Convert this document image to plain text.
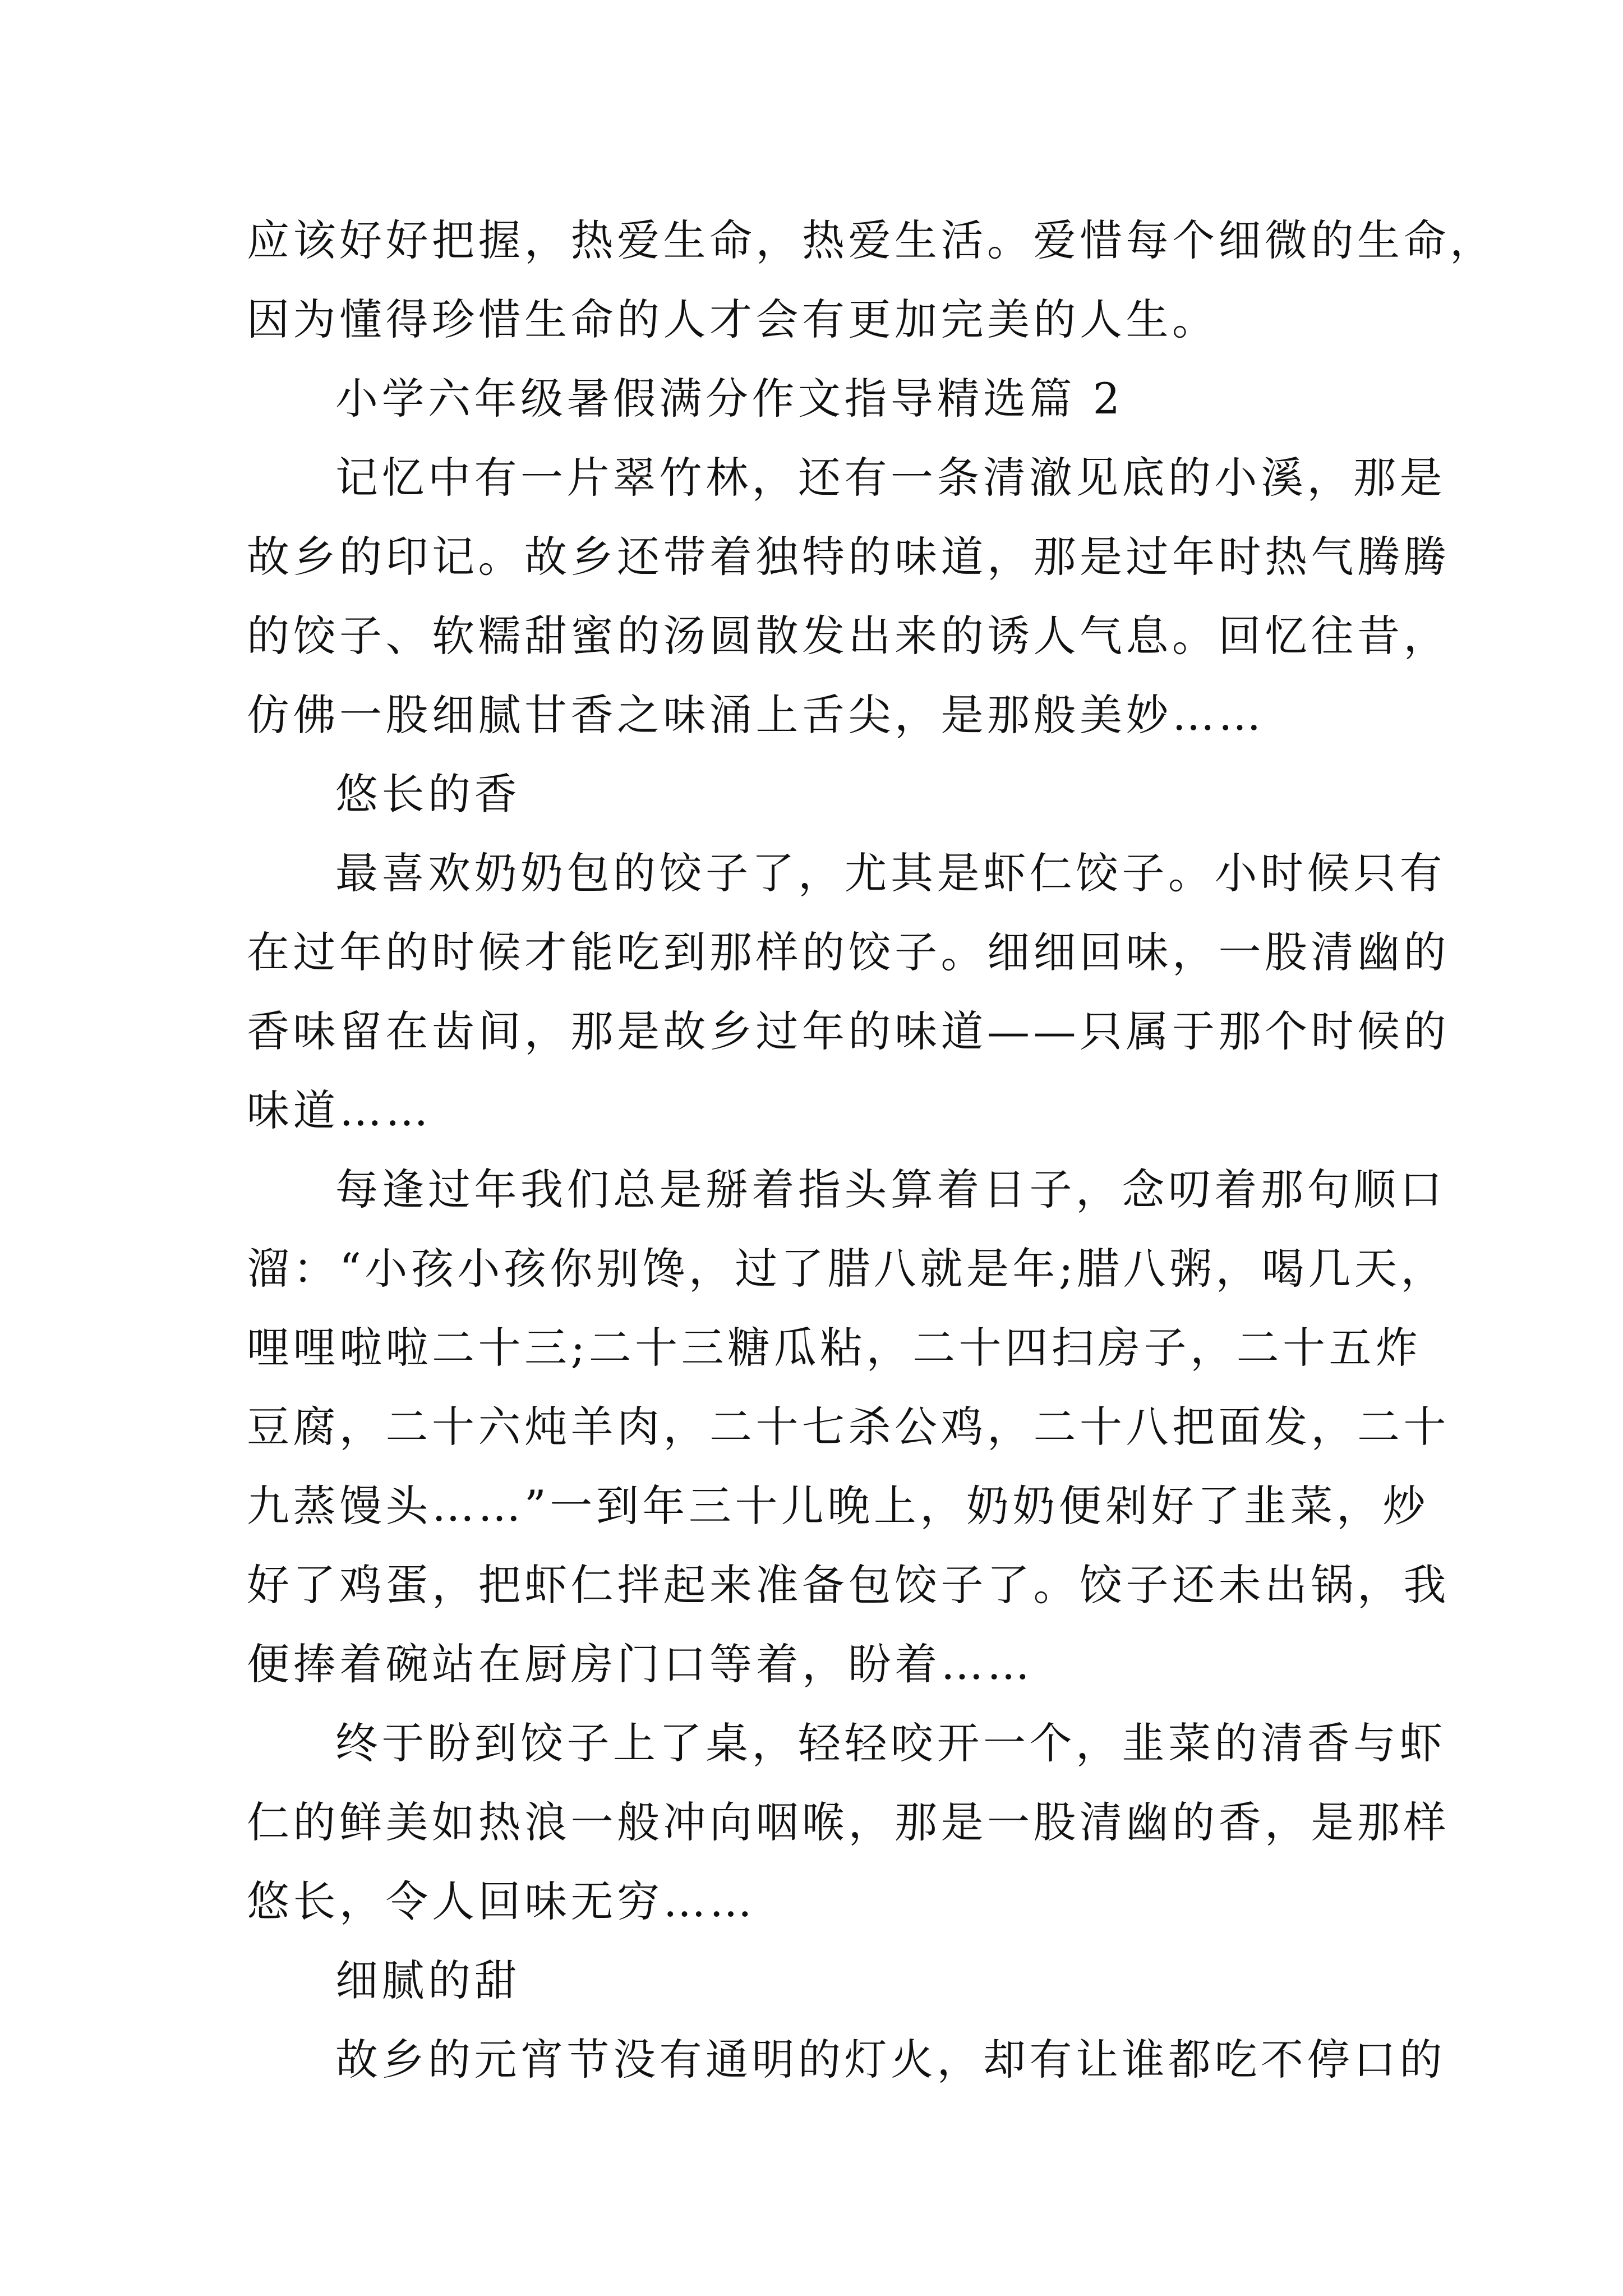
应该好好把握，热爱生命，热爱生活。爱惜每个细微的生命，
因为懂得珍惜生命的人才会有更加完美的人生。
小学六年级暑假满分作文指导精选篇 2
记忆中有一片翠竹林，还有一条清澈见底的小溪，那是
故乡的印记。故乡还带着独特的味道，那是过年时热气腾腾
的饺子、软糯甜蜜的汤圆散发出来的诱人气息。回忆往昔，
仿佛一股细腻甘香之味涌上舌尖，是那般美妙……
悠长的香
最喜欢奶奶包的饺子了，尤其是虾仁饺子。小时候只有
在过年的时候才能吃到那样的饺子。细细回味，一股清幽的
香味留在齿间，那是故乡过年的味道——只属于那个时候的
味道……
每逢过年我们总是掰着指头算着日子，念叨着那句顺口
溜：“小孩小孩你别馋，过了腊八就是年;腊八粥，喝几天，
哩哩啦啦二十三;二十三糖瓜粘，二十四扫房子，二十五炸
豆腐，二十六炖羊肉，二十七杀公鸡，二十八把面发，二十
九蒸馒头……”一到年三十儿晚上，奶奶便剁好了韭菜，炒
好了鸡蛋，把虾仁拌起来准备包饺子了。饺子还未出锅，我
便捧着碗站在厨房门口等着，盼着……
终于盼到饺子上了桌，轻轻咬开一个，韭菜的清香与虾
仁的鲜美如热浪一般冲向咽喉，那是一股清幽的香，是那样
悠长，令人回味无穷……
细腻的甜
故乡的元宵节没有通明的灯火，却有让谁都吃不停口的
